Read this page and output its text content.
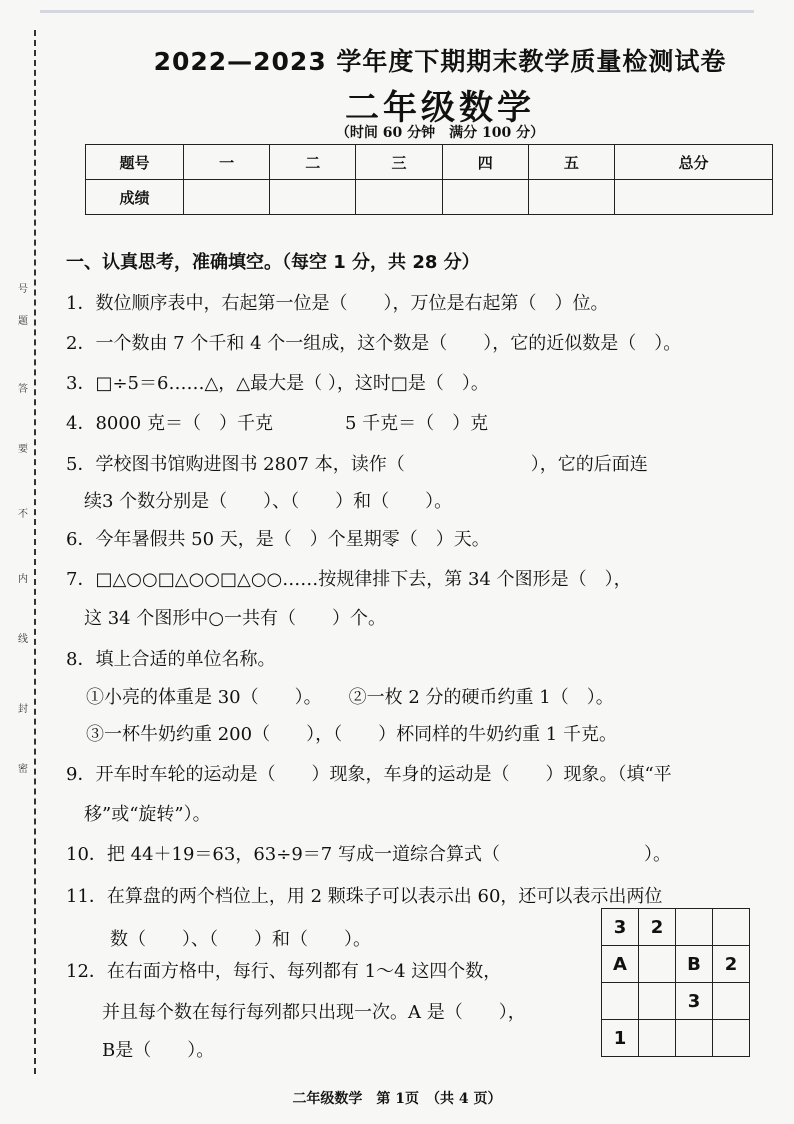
号
题
答
要
不
内
线
封
密
2022—2023 学年度下期期末教学质量检测试卷
二年级数学
（时间 60 分钟　满分 100 分）
题号	一	二	三	四	五	总分
成绩						
一、认真思考，准确填空。（每空 1 分，共 28 分）
1．数位顺序表中，右起第一位是（　　），万位是右起第（　）位。
2．一个数由 7 个千和 4 个一组成，这个数是（　　），它的近似数是（　）。
3．□÷5＝6……△，△最大是（ ），这时□是（　）。
4．8000 克＝（　）千克　　　　5 千克＝（　）克
5．学校图书馆购进图书 2807 本，读作（　　　　　　　），它的后面连
续3 个数分别是（　　）、（　　）和（　　）。
6．今年暑假共 50 天，是（　）个星期零（　）天。
7．□△○○□△○○□△○○……按规律排下去，第 34 个图形是（　），
这 34 个图形中○一共有（　　）个。
8．填上合适的单位名称。
①小亮的体重是 30（　　）。　　②一枚 2 分的硬币约重 1（　）。
③一杯牛奶约重 200（　　），（　　）杯同样的牛奶约重 1 千克。
9．开车时车轮的运动是（　　）现象，车身的运动是（　　）现象。（填“平
移”或“旋转”）。
10．把 44＋19＝63，63÷9＝7 写成一道综合算式（　　　　　　　　）。
11．在算盘的两个档位上，用 2 颗珠子可以表示出 60，还可以表示出两位
数（　　）、（　　）和（　　）。
12．在右面方格中，每行、每列都有 1～4 这四个数，
并且每个数在每行每列都只出现一次。A 是（　　），
B是（　　）。
3	2		
A		B	2
		3	
1			
二年级数学　第 1页　（共 4 页）
